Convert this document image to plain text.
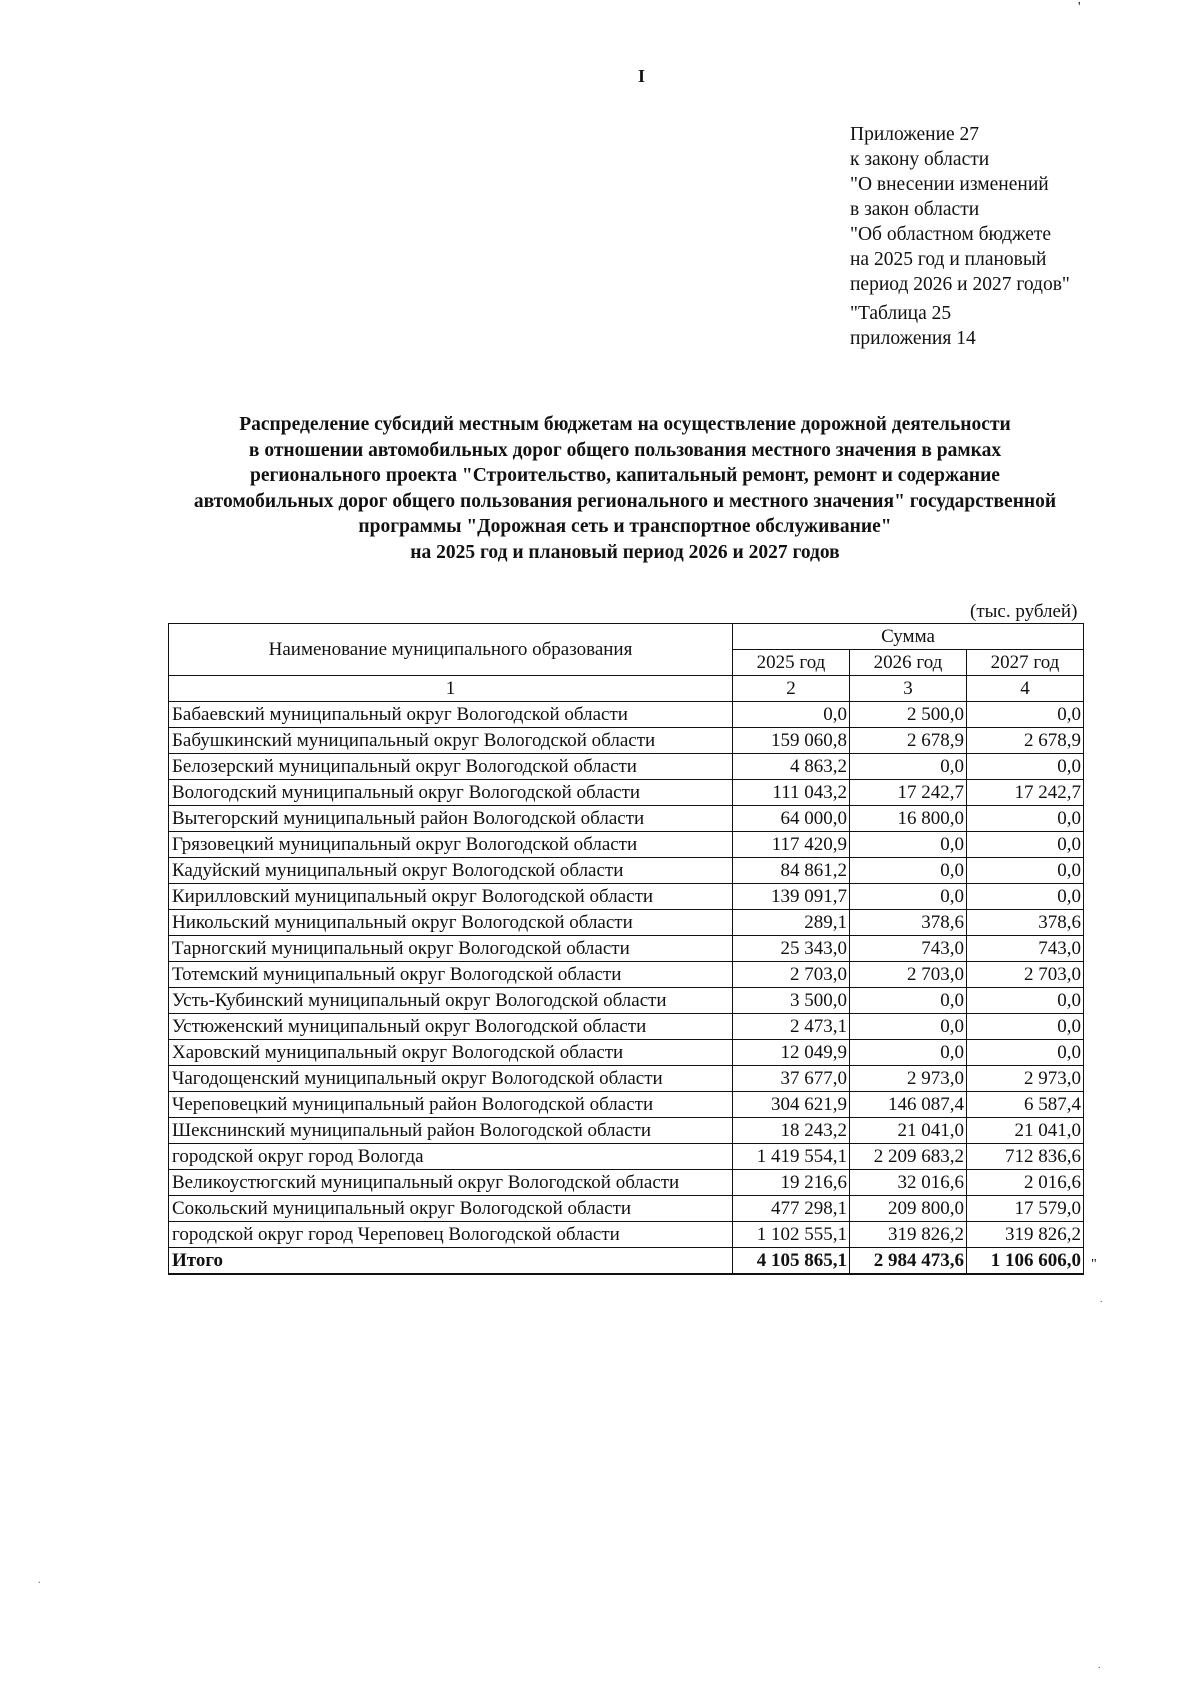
I
'
Приложение 27
к закону области
"О внесении изменений
в закон области
"Об областном бюджете
на 2025 год и плановый
период 2026 и 2027 годов"
"Таблица 25
приложения 14
Распределение субсидий местным бюджетам на осуществление дорожной деятельности
в отношении автомобильных дорог общего пользования местного значения в рамках
регионального проекта "Строительство, капитальный ремонт, ремонт и содержание
автомобильных дорог общего пользования регионального и местного значения" государственной
программы "Дорожная сеть и транспортное обслуживание"
на 2025 год и плановый период 2026 и 2027 годов
(тыс. рублей)
Наименование муниципального образования	Сумма		
	2025 год	2026 год	2027 год
1	2	3	4
Бабаевский муниципальный округ Вологодской области	0,0	2 500,0	0,0
Бабушкинский муниципальный округ Вологодской области	159 060,8	2 678,9	2 678,9
Белозерский муниципальный округ Вологодской области	4 863,2	0,0	0,0
Вологодский муниципальный округ Вологодской области	111 043,2	17 242,7	17 242,7
Вытегорский муниципальный район Вологодской области	64 000,0	16 800,0	0,0
Грязовецкий муниципальный округ Вологодской области	117 420,9	0,0	0,0
Кадуйский муниципальный округ Вологодской области	84 861,2	0,0	0,0
Кирилловский муниципальный округ Вологодской области	139 091,7	0,0	0,0
Никольский муниципальный округ Вологодской области	289,1	378,6	378,6
Тарногский муниципальный округ Вологодской области	25 343,0	743,0	743,0
Тотемский муниципальный округ Вологодской области	2 703,0	2 703,0	2 703,0
Усть-Кубинский муниципальный округ Вологодской области	3 500,0	0,0	0,0
Устюженский муниципальный округ Вологодской области	2 473,1	0,0	0,0
Харовский муниципальный округ Вологодской области	12 049,9	0,0	0,0
Чагодощенский муниципальный округ Вологодской области	37 677,0	2 973,0	2 973,0
Череповецкий муниципальный район Вологодской области	304 621,9	146 087,4	6 587,4
Шекснинский муниципальный район Вологодской области	18 243,2	21 041,0	21 041,0
городской округ город Вологда	1 419 554,1	2 209 683,2	712 836,6
Великоустюгский муниципальный округ Вологодской области	19 216,6	32 016,6	2 016,6
Сокольский муниципальный округ Вологодской области	477 298,1	209 800,0	17 579,0
городской округ город Череповец Вологодской области	1 102 555,1	319 826,2	319 826,2
Итого	4 105 865,1	2 984 473,6	1 106 606,0 "
.
.
.
